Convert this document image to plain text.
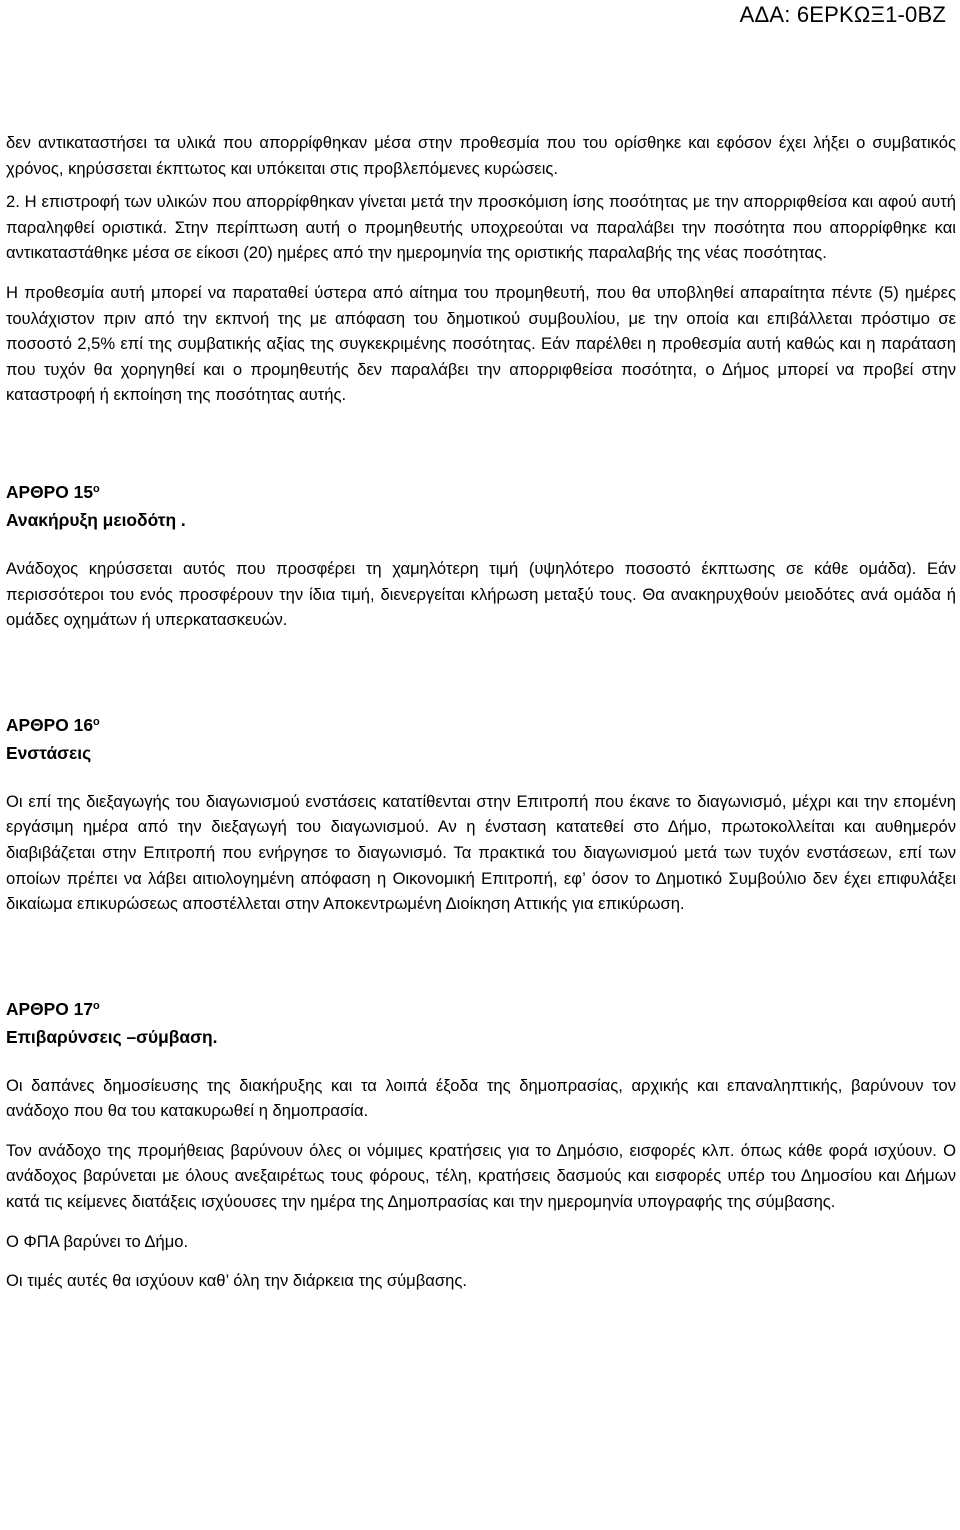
ΑΔΑ: 6ΕΡΚΩΞ1-0ΒΖ

δεν αντικαταστήσει τα υλικά που απορρίφθηκαν μέσα στην προθεσμία που του ορίσθηκε και εφόσον έχει λήξει ο συμβατικός χρόνος, κηρύσσεται έκπτωτος και υπόκειται στις προβλεπόμενες κυρώσεις.

2. Η επιστροφή των υλικών που απορρίφθηκαν γίνεται μετά την προσκόμιση ίσης ποσότητας με την απορριφθείσα και αφού αυτή παραληφθεί οριστικά. Στην περίπτωση αυτή ο προμηθευτής υποχρεούται να παραλάβει την ποσότητα που απορρίφθηκε και αντικαταστάθηκε μέσα σε είκοσι (20) ημέρες από την ημερομηνία της οριστικής παραλαβής της νέας ποσότητας.

Η προθεσμία αυτή μπορεί να παραταθεί ύστερα από αίτημα του προμηθευτή, που θα υποβληθεί απαραίτητα πέντε (5) ημέρες τουλάχιστον πριν από την εκπνοή της με απόφαση του δημοτικού συμβουλίου, με την οποία και επιβάλλεται πρόστιμο σε ποσοστό 2,5% επί της συμβατικής αξίας της συγκεκριμένης ποσότητας. Εάν παρέλθει η προθεσμία αυτή καθώς και η παράταση που τυχόν θα χορηγηθεί και ο προμηθευτής δεν παραλάβει την απορριφθείσα ποσότητα, ο Δήμος μπορεί να προβεί στην καταστροφή ή εκποίηση της ποσότητας αυτής.

ΑΡΘΡΟ $15^o$

Ανακήρυξη μειοδότη .

Ανάδοχος κηρύσσεται αυτός που προσφέρει τη χαμηλότερη τιμή (υψηλότερο ποσοστό έκπτωσης σε κάθε ομάδα). Εάν περισσότεροι του ενός προσφέρουν την ίδια τιμή, διενεργείται κλήρωση μεταξύ τους. Θα ανακηρυχθούν μειοδότες ανά ομάδα ή ομάδες οχημάτων ή υπερκατασκευών.

ΑΡΘΡΟ $16^o$

Ενστάσεις

Οι επί της διεξαγωγής του διαγωνισμού ενστάσεις κατατίθενται στην Επιτροπή που έκανε το διαγωνισμό, μέχρι και την επομένη εργάσιμη ημέρα από την διεξαγωγή του διαγωνισμού. Αν η ένσταση κατατεθεί στο Δήμο, πρωτοκολλείται και αυθημερόν διαβιβάζεται στην Επιτροπή που ενήργησε το διαγωνισμό. Τα πρακτικά του διαγωνισμού μετά των τυχόν ενστάσεων, επί των οποίων πρέπει να λάβει αιτιολογημένη απόφαση η Οικονομική Επιτροπή, εφ’ όσον το Δημοτικό Συμβούλιο δεν έχει επιφυλάξει δικαίωμα επικυρώσεως αποστέλλεται στην Αποκεντρωμένη Διοίκηση Αττικής για επικύρωση.

ΑΡΘΡΟ $17^o$

Επιβαρύνσεις –σύμβαση.

Οι δαπάνες δημοσίευσης της διακήρυξης και τα λοιπά έξοδα της δημοπρασίας, αρχικής και επαναληπτικής, βαρύνουν τον ανάδοχο που θα του κατακυρωθεί η δημοπρασία.

Τον ανάδοχο της προμήθειας βαρύνουν όλες οι νόμιμες κρατήσεις για το Δημόσιο, εισφορές κλπ. όπως κάθε φορά ισχύουν. Ο ανάδοχος βαρύνεται με όλους ανεξαιρέτως τους φόρους, τέλη, κρατήσεις δασμούς και εισφορές υπέρ του Δημοσίου και Δήμων κατά τις κείμενες διατάξεις ισχύουσες την ημέρα της Δημοπρασίας και την ημερομηνία υπογραφής της σύμβασης.

Ο ΦΠΑ βαρύνει το Δήμο.

Οι τιμές αυτές θα ισχύουν καθ’ όλη την διάρκεια της σύμβασης.
